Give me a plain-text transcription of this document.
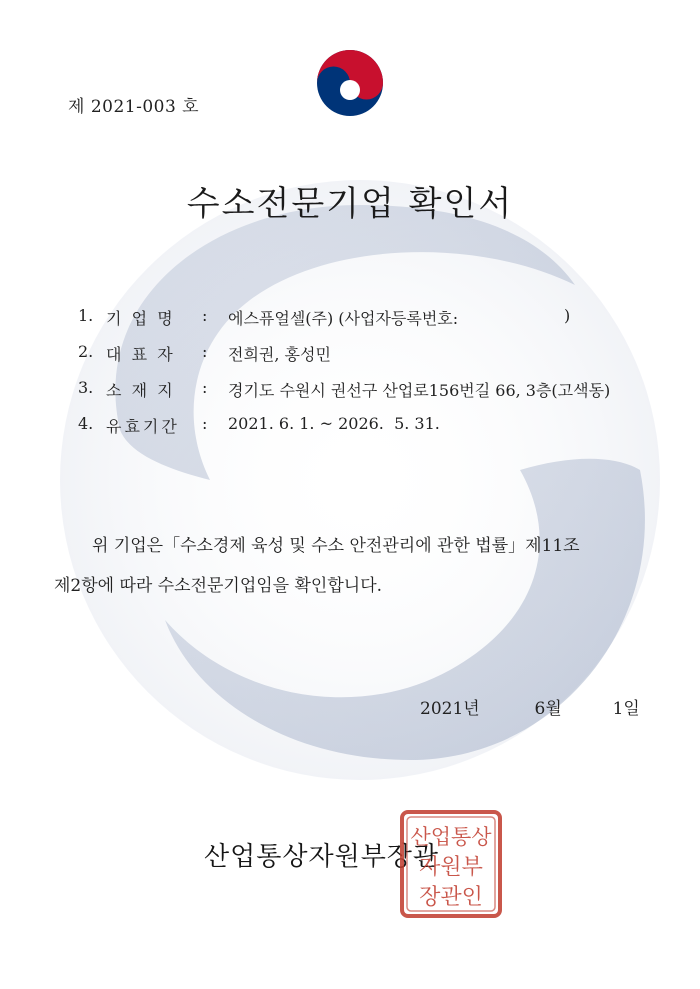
제 2021-003 호
수소전문기업 확인서
1. 기  업  명	: 에스퓨얼셀(주) (사업자등록번호:	)
2. 대  표  자	: 전희권, 홍성민
3. 소  재  지	: 경기도 수원시 권선구 산업로156번길 66, 3층(고색동)
4. 유효기간	: 2021. 6. 1. ~ 2026.  5. 31.
위 기업은「수소경제 육성 및 수소 안전관리에 관한 법률」제11조
제2항에 따라 수소전문기업임을 확인합니다.
2021년	6월	1일
산업통상자원부장관
산업통상
자원부
장관인
